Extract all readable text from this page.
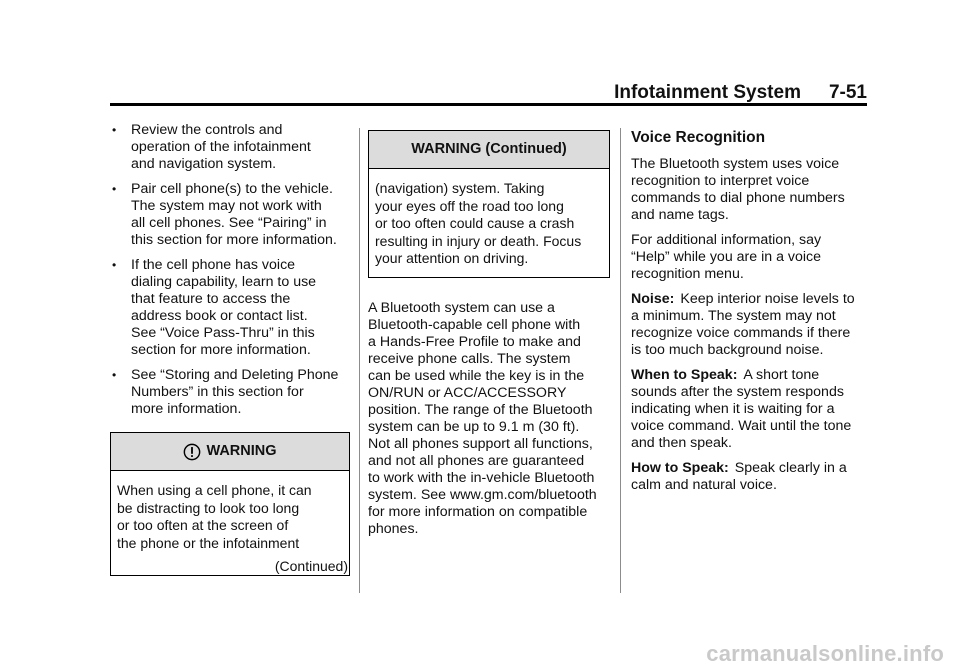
Infotainment System 7-51
• Review the controls and
operation of the infotainment
and navigation system.
• Pair cell phone(s) to the vehicle.
The system may not work with
all cell phones. See “Pairing” in
this section for more information.
• If the cell phone has voice
dialing capability, learn to use
that feature to access the
address book or contact list.
See “Voice Pass-Thru” in this
section for more information.
• See “Storing and Deleting Phone
Numbers” in this section for
more information.
WARNING
When using a cell phone, it can
be distracting to look too long
or too often at the screen of
the phone or the infotainment
(Continued)
WARNING (Continued)
(navigation) system. Taking
your eyes off the road too long
or too often could cause a crash
resulting in injury or death. Focus
your attention on driving.
A Bluetooth system can use a
Bluetooth-capable cell phone with
a Hands-Free Profile to make and
receive phone calls. The system
can be used while the key is in the
ON/RUN or ACC/ACCESSORY
position. The range of the Bluetooth
system can be up to 9.1 m (30 ft).
Not all phones support all functions,
and not all phones are guaranteed
to work with the in-vehicle Bluetooth
system. See www.gm.com/bluetooth
for more information on compatible
phones.
Voice Recognition
The Bluetooth system uses voice
recognition to interpret voice
commands to dial phone numbers
and name tags.
For additional information, say
“Help” while you are in a voice
recognition menu.
Noise: Keep interior noise levels to
a minimum. The system may not
recognize voice commands if there
is too much background noise.
When to Speak: A short tone
sounds after the system responds
indicating when it is waiting for a
voice command. Wait until the tone
and then speak.
How to Speak: Speak clearly in a
calm and natural voice.
carmanualsonline.info
